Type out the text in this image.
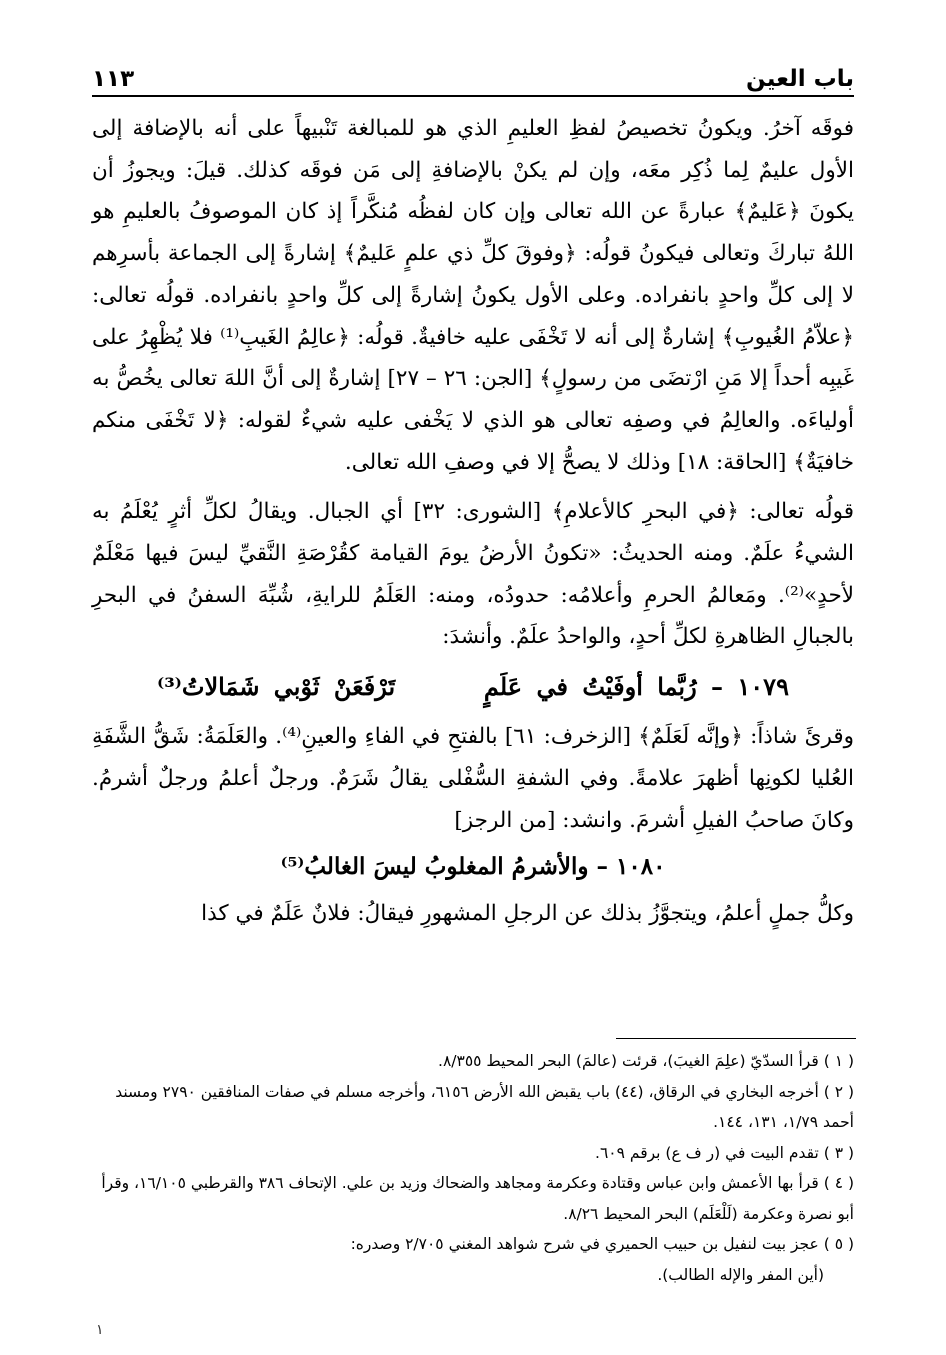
باب العين
١١٣

فوقَه آخرُ. ويكونُ تخصيصُ لفظِ العليمِ الذي هو للمبالغة تَنْبيهاً على أنه بالإضافة إلى الأول عليمٌ لِما ذُكِر معَه، وإن لم يكنْ بالإضافةِ إلى مَن فوقَه كذلك. قيلَ: ويجوزُ أن يكونَ ﴿عَليمٌ﴾ عبارةً عن الله تعالى وإن كان لفظُه مُنكَّراً إذ كان الموصوفُ بالعليمِ هو اللهُ تباركَ وتعالى فيكونُ قولُه: ﴿وفوقَ كلِّ ذي علمٍ عَليمٌ﴾ إشارةً إلى الجماعة بأسرِهم لا إلى كلِّ واحدٍ بانفراده. وعلى الأول يكونُ إشارةً إلى كلِّ واحدٍ بانفراده. قولُه تعالى: ﴿علاّمُ الغُيوبِ﴾ إشارةٌ إلى أنه لا تَخْفَى عليه خافيةٌ. قولُه: ﴿عالِمُ الغَيبِ⁽¹⁾ فلا يُظْهِرُ على غَيبِه أحداً إلا مَنِ ارْتضَى من رسولٍ﴾ [الجن: ٢٦ – ٢٧] إشارةٌ إلى أنَّ اللهَ تعالى يخُصُّ به أولياءَه. والعالِمُ في وصفِه تعالى هو الذي لا يَخْفى عليه شيءٌ لقوله: ﴿لا تَخْفَى منكم خافيَةٌ﴾ [الحاقة: ١٨] وذلك لا يصحُّ إلا في وصفِ الله تعالى.

قولُه تعالى: ﴿في البحرِ كالأعلامِ﴾ [الشورى: ٣٢] أي الجبال. ويقالُ لكلِّ أثرٍ يُعْلَمُ به الشيءُ علَمٌ. ومنه الحديثُ: «تكونُ الأرضُ يومَ القيامة كقُرْصَةِ النَّقيِّ ليسَ فيها مَعْلَمٌ لأحدٍ»⁽²⁾. ومَعالمُ الحرمِ وأعلامُه: حدودُه، ومنه: العَلَمُ للرايةِ، شُبِّهَ السفنُ في البحرِ بالجبالِ الظاهرةِ لكلِّ أحدٍ، والواحدُ علَمٌ. وأنشدَ:

١٠٧٩ – رُبَّما أوفَيْتُ في عَلَمٍ  تَرْفَعَنْ ثَوْبي شَمَالاتُ⁽³⁾

وقرئَ شاذاً: ﴿وإنَّه لَعَلَمٌ﴾ [الزخرف: ٦١] بالفتحِ في الفاءِ والعينِ⁽⁴⁾. والعَلَمَةُ: شَقُّ الشَّفَةِ العُليا لكونِها أظهرَ علامةً. وفي الشفةِ السُّفْلى يقالُ شَرَمٌ. ورجلٌ أعلمُ ورجلٌ أشرمُ. وكانَ صاحبُ الفيلِ أشرمَ. وانشد: [من الرجز]

١٠٨٠ – والأشرمُ المغلوبُ ليسَ الغالبُ⁽⁵⁾

وكلُّ جملٍ أعلمُ، ويتجوَّزُ بذلك عن الرجلِ المشهورِ فيقالُ: فلانٌ عَلَمٌ في كذا

( ١ ) قرأ السدّيّ (علِمَ الغيبَ)، قرئت (عالمَ) البحر المحيط ٨/٣٥٥.
( ٢ ) أخرجه البخاري في الرقاق، (٤٤) باب يقبض الله الأرض ٦١٥٦، وأخرجه مسلم في صفات المنافقين ٢٧٩٠ ومسند أحمد ١/٧٩، ١٣١، ١٤٤.
( ٣ ) تقدم البيت في (ر ف ع) برقم ٦٠٩.
( ٤ ) قرأ بها الأعمش وابن عباس وقتادة وعكرمة ومجاهد والضحاك وزيد بن علي. الإتحاف ٣٨٦ والقرطبي ١٦/١٠٥، وقرأ أبو نصرة وعكرمة (لَلْعَلَم) البحر المحيط ٨/٢٦.
( ٥ ) عجز بيت لنفيل بن حبيب الحميري في شرح شواهد المغني ٢/٧٠٥ وصدره:
(أين المفر والإله الطالب).
١
